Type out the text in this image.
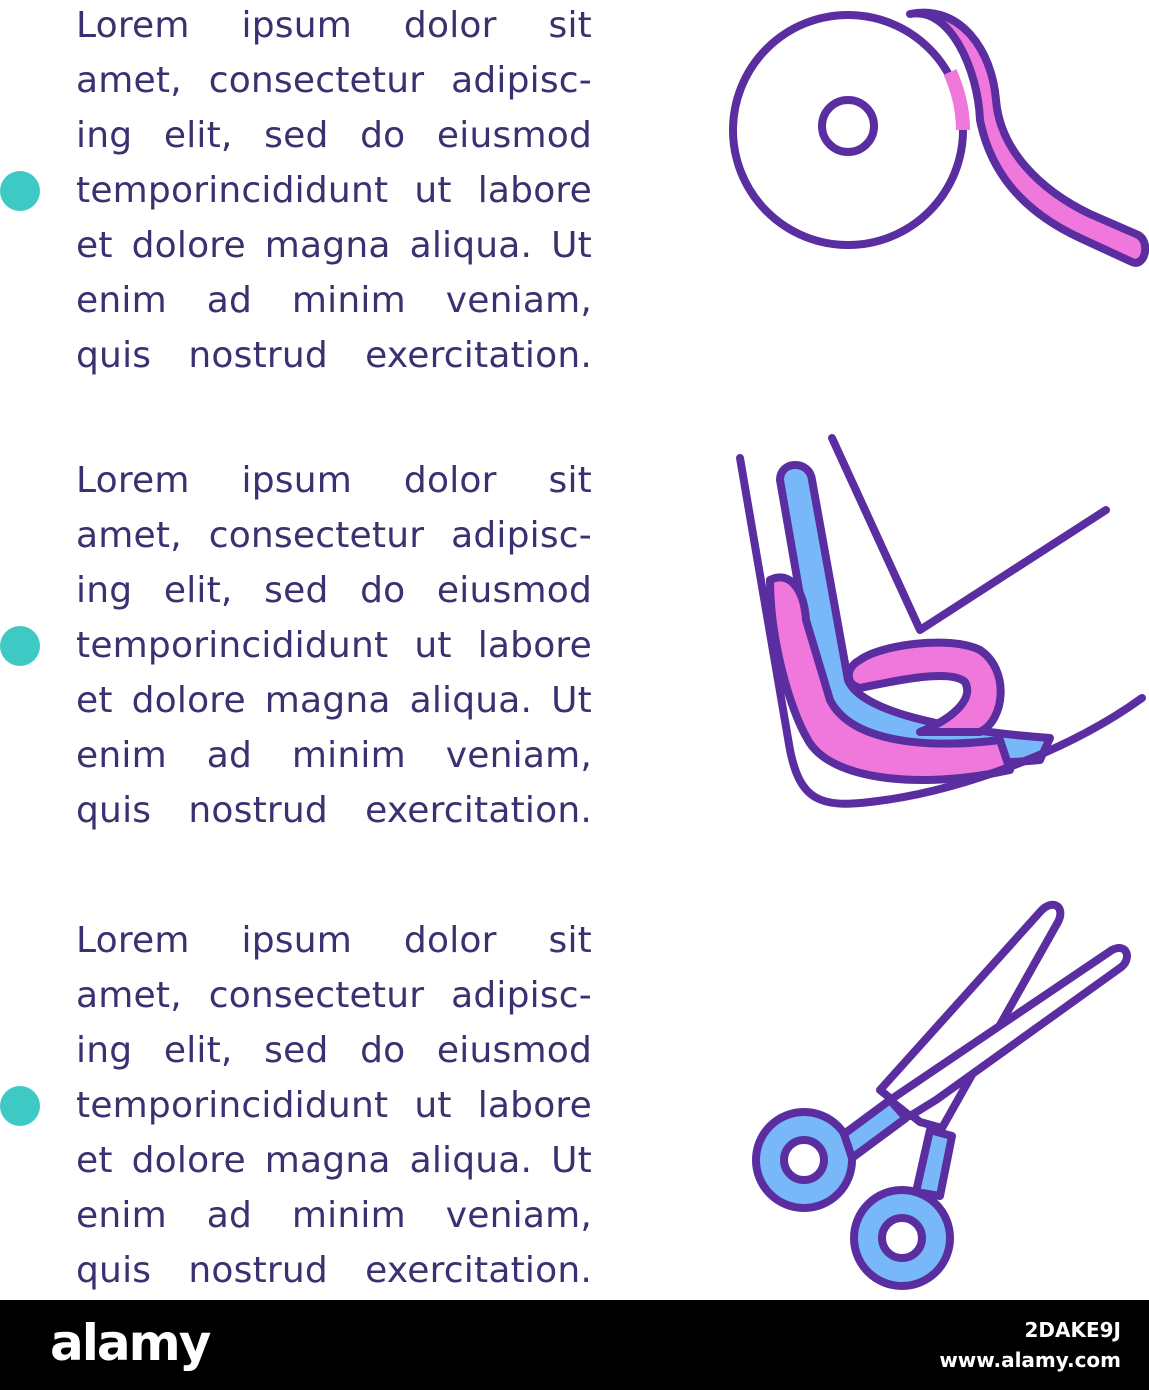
Lorem ipsum dolor sit
amet, consectetur adipisc-
ing elit, sed do eiusmod
temporincididunt ut labore
et dolore magna aliqua. Ut
enim ad minim veniam,
quis nostrud exercitation.
Lorem ipsum dolor sit
amet, consectetur adipisc-
ing elit, sed do eiusmod
temporincididunt ut labore
et dolore magna aliqua. Ut
enim ad minim veniam,
quis nostrud exercitation.
Lorem ipsum dolor sit
amet, consectetur adipisc-
ing elit, sed do eiusmod
temporincididunt ut labore
et dolore magna aliqua. Ut
enim ad minim veniam,
quis nostrud exercitation.
alamy	2DAKE9J
www.alamy.com
